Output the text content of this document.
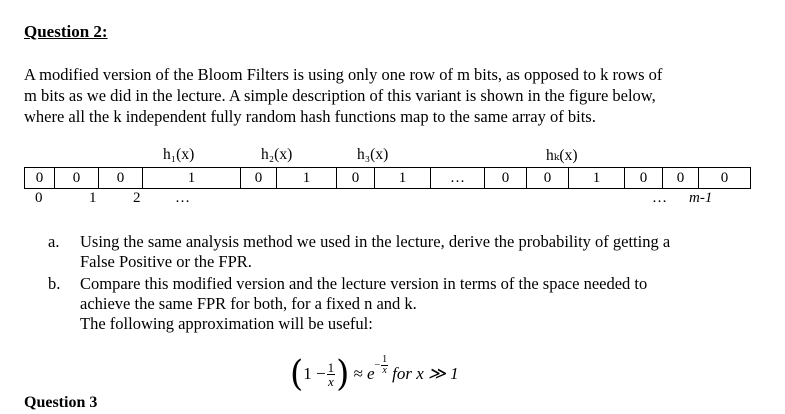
Question 2:
A modified version of the Bloom Filters is using only one row of m bits, as opposed to k rows of
m bits as we did in the lecture. A simple description of this variant is shown in the figure below,
where all the k independent fully random hash functions map to the same array of bits.
h₁(x)	h₂(x)	h₃(x)	hₖ(x)
0	0	0	1	0	1	0	1	…	0	0	1	0	0	0
0	1 2 …	… m-1
a. Using the same analysis method we used in the lecture, derive the probability of getting a
False Positive or the FPR.
b. Compare this modified version and the lecture version in terms of the space needed to
achieve the same FPR for both, for a fixed n and k.
The following approximation will be useful:
( $1 - \frac{1}{x}$ ) ≈ $e - \frac{1}{x}$ for x ≫ 1
Question 3
